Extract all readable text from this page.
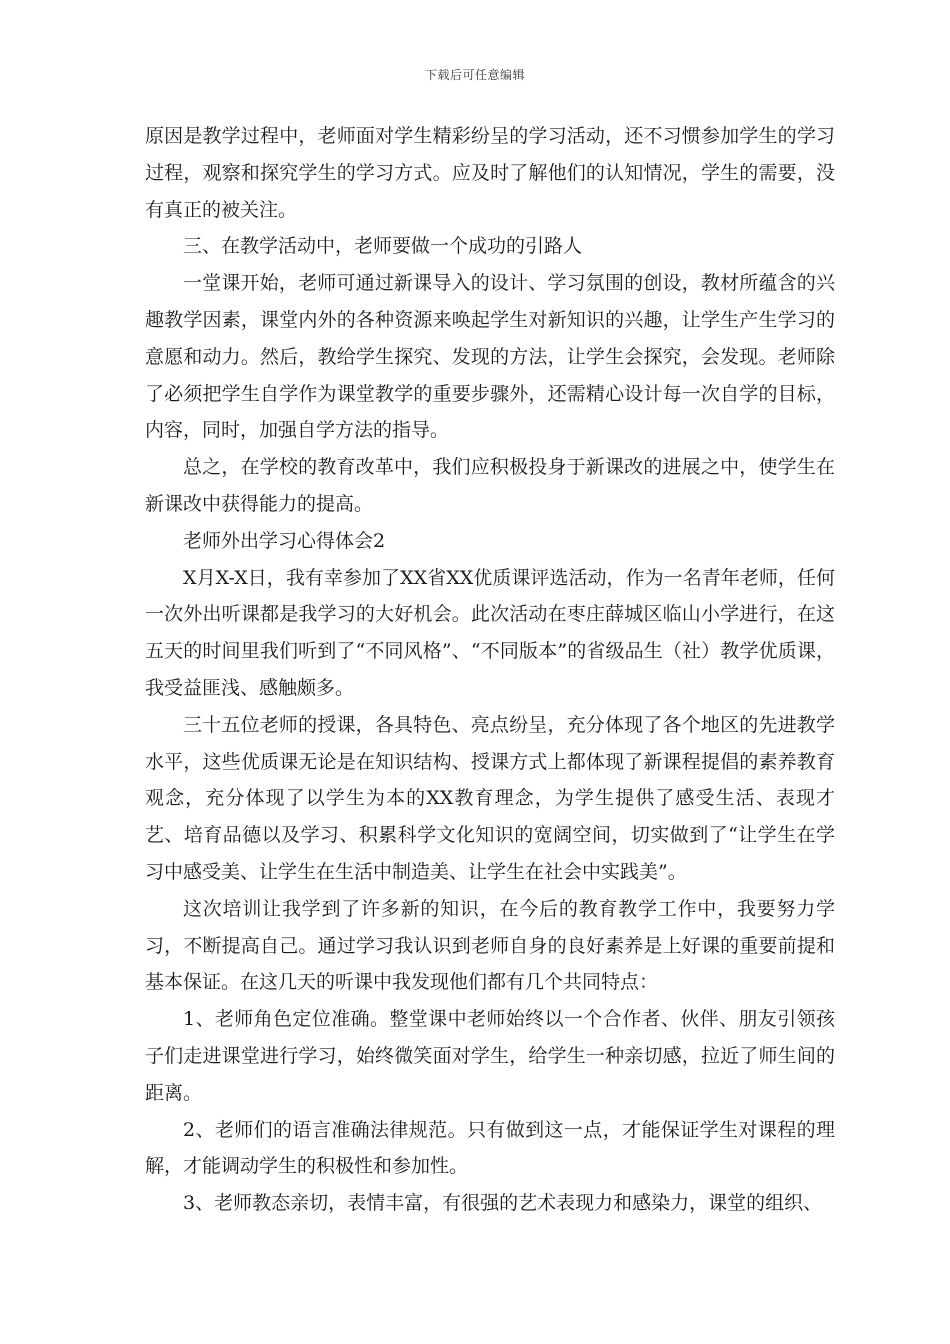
下载后可任意编辑

原因是教学过程中，老师面对学生精彩纷呈的学习活动，还不习惯参加学生的学习过程，观察和探究学生的学习方式。应及时了解他们的认知情况，学生的需要，没有真正的被关注。

三、在教学活动中，老师要做一个成功的引路人

一堂课开始，老师可通过新课导入的设计、学习氛围的创设，教材所蕴含的兴趣教学因素，课堂内外的各种资源来唤起学生对新知识的兴趣，让学生产生学习的意愿和动力。然后，教给学生探究、发现的方法，让学生会探究，会发现。老师除了必须把学生自学作为课堂教学的重要步骤外，还需精心设计每一次自学的目标，内容，同时，加强自学方法的指导。

总之，在学校的教育改革中，我们应积极投身于新课改的进展之中，使学生在新课改中获得能力的提高。

老师外出学习心得体会2

X月X-X日，我有幸参加了XX省XX优质课评选活动，作为一名青年老师，任何一次外出听课都是我学习的大好机会。此次活动在枣庄薛城区临山小学进行，在这五天的时间里我们听到了“不同风格”、“不同版本”的省级品生（社）教学优质课，我受益匪浅、感触颇多。

三十五位老师的授课，各具特色、亮点纷呈，充分体现了各个地区的先进教学水平，这些优质课无论是在知识结构、授课方式上都体现了新课程提倡的素养教育观念，充分体现了以学生为本的XX教育理念，为学生提供了感受生活、表现才艺、培育品德以及学习、积累科学文化知识的宽阔空间，切实做到了“让学生在学习中感受美、让学生在生活中制造美、让学生在社会中实践美”。

这次培训让我学到了许多新的知识，在今后的教育教学工作中，我要努力学习，不断提高自己。通过学习我认识到老师自身的良好素养是上好课的重要前提和基本保证。在这几天的听课中我发现他们都有几个共同特点：

1、老师角色定位准确。整堂课中老师始终以一个合作者、伙伴、朋友引领孩子们走进课堂进行学习，始终微笑面对学生，给学生一种亲切感，拉近了师生间的距离。

2、老师们的语言准确法律规范。只有做到这一点，才能保证学生对课程的理解，才能调动学生的积极性和参加性。

3、老师教态亲切，表情丰富，有很强的艺术表现力和感染力，课堂的组织、
